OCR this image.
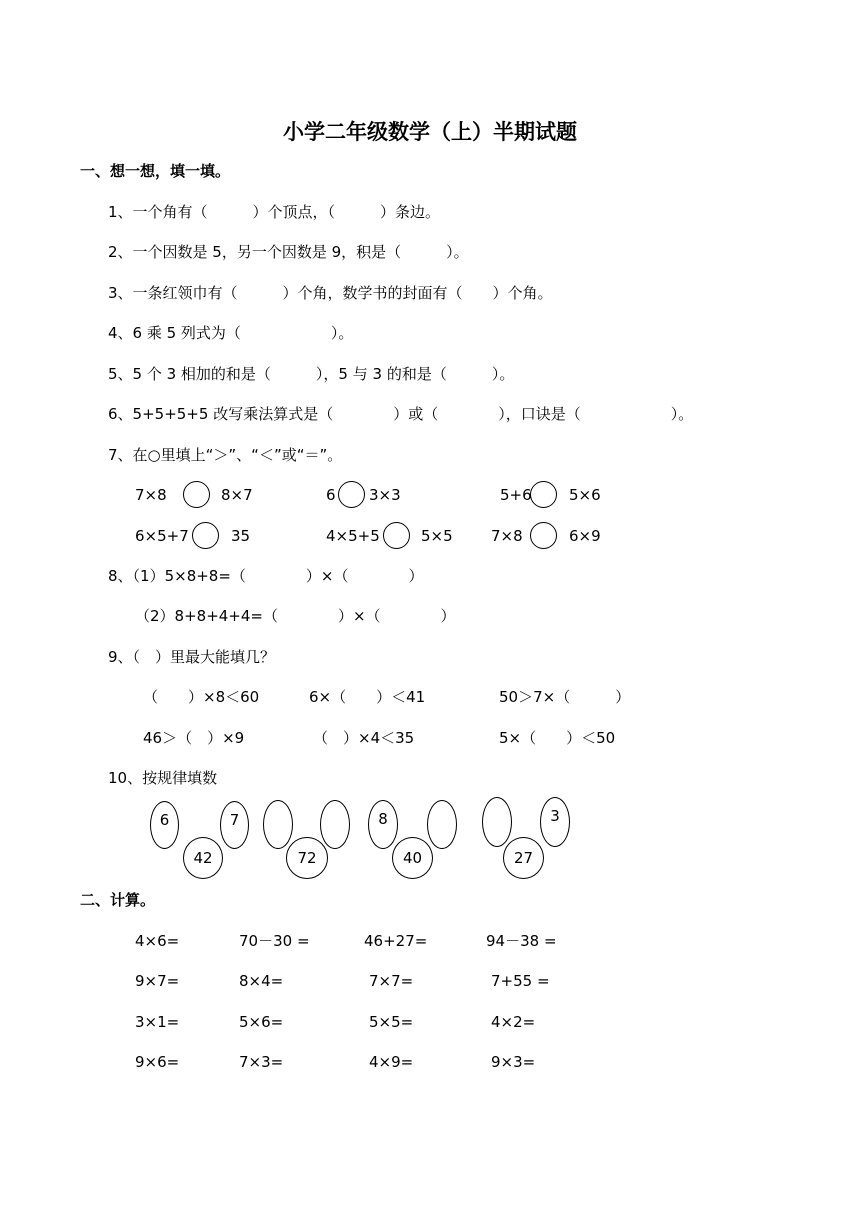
小学二年级数学（上）半期试题
一、想一想，填一填。
1、一个角有（　　　）个顶点，（　　　）条边。
2、一个因数是 5，另一个因数是 9，积是（　　　）。
3、一条红领巾有（　　　）个角，数学书的封面有（　　）个角。
4、6 乘 5 列式为（　　　　　　）。
5、5 个 3 相加的和是（　　　），5 与 3 的和是（　　　）。
6、5+5+5+5 改写乘法算式是（　　　　）或（　　　　），口诀是（　　　　　　）。
7、在○里填上“＞”、“＜”或“＝”。
7×8	8×7	6 3×3	5+6 5×6
6×5+7	35	4×5+5	5×5	7×8	6×9
8、（1）5×8+8=（　　　　）×（　　　　）
（2）8+8+4+4=（　　　　）×（　　　　）
9、（　）里最大能填几？
（　　）×8＜60	6×（　　）＜41	50＞7×（　　　）
46＞（　）×9	（　）×4＜35	5×（　　）＜50
10、按规律填数
6	7
42	72
8
40
3
27
二、计算。
4×6=	70－30 =	46+27=	94－38 =
9×7=	8×4=	7×7=	7+55 =
3×1=	5×6=	5×5=	4×2=
9×6=	7×3=	4×9=	9×3=
